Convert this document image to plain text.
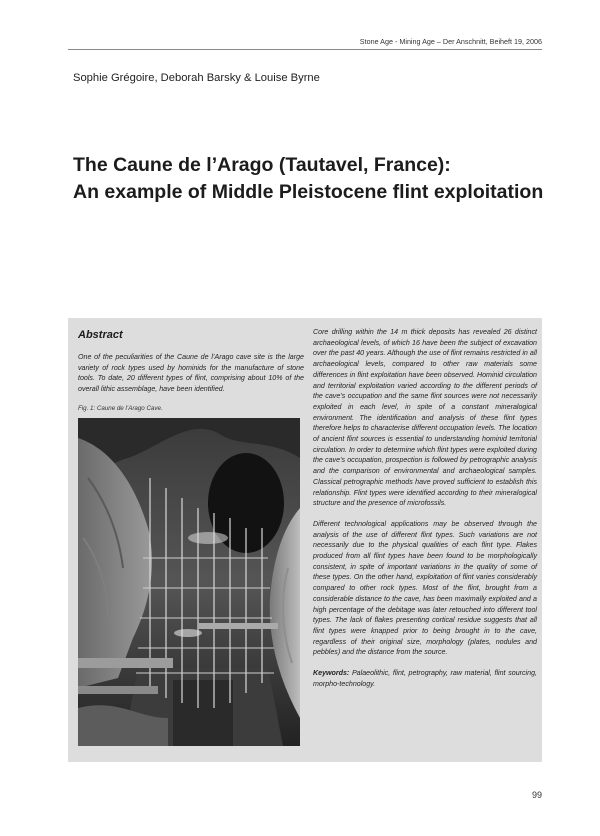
Stone Age - Mining Age – Der Anschnitt, Beiheft 19, 2006
Sophie Grégoire, Deborah Barsky & Louise Byrne
The Caune de l’Arago (Tautavel, France):
An example of Middle Pleistocene flint exploitation
Abstract

One of the peculiarities of the Caune de l’Arago cave site is the large variety of rock types used by hominids for the manufacture of stone tools. To date, 20 different types of flint, comprising about 10% of the overall lithic assemblage, have been identified.

Fig. 1: Caune de l’Arago Cave.

Core drilling within the 14 m thick deposits has revealed 26 distinct archaeological levels, of which 16 have been the subject of excavation over the past 40 years. Although the use of flint remains restricted in all archaeological levels, compared to other raw materials some differences in flint exploitation have been observed. Hominid circulation and territorial exploitation varied according to the different periods of the cave’s occupation and the same flint sources were not necessarily exploited in each level, in spite of a constant mineralogical environment. The identification and analysis of these flint types therefore helps to characterise different occupation levels. The location of ancient flint sources is essential to understanding hominid territorial circulation. In order to determine which flint types were exploited during the cave’s occupation, prospection is followed by petrographic analysis and the comparison of environmental and archaeological samples. Classical petrographic methods have proved sufficient to establish this relationship. Flint types were identified according to their mineralogical structure and the presence of microfossils.

Different technological applications may be observed through the analysis of the use of different flint types. Such variations are not necessarily due to the physical qualities of each flint type. Flakes produced from all flint types have been found to be morphologically consistent, in spite of important variations in the quality of some of these types. On the other hand, exploitation of flint varies considerably compared to other rock types. Most of the flint, brought from a considerable distance to the cave, has been maximally exploited and a high percentage of the debitage was later retouched into different tool types. The lack of flakes presenting cortical residue suggests that all flint types were knapped prior to being brought in to the cave, regardless of their original size, morphology (plates, nodules and pebbles) and the distance from the source.

Keywords: Palaeolithic, flint, petrography, raw material, flint sourcing, morpho-technology.

99
